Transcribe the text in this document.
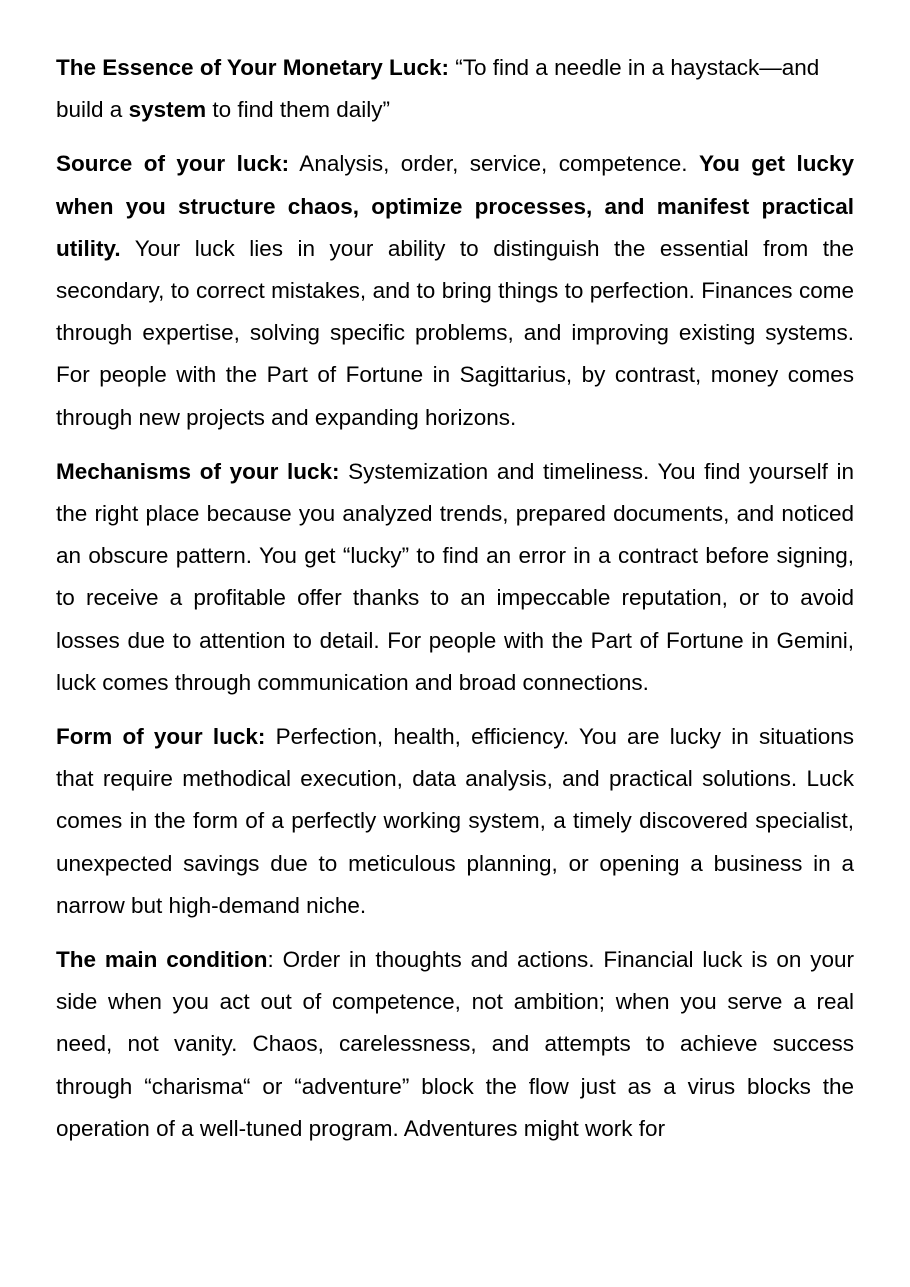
The Essence of Your Monetary Luck: “To find a needle in a haystack—and build a system to find them daily”

Source of your luck: Analysis, order, service, competence. You get lucky when you structure chaos, optimize processes, and manifest practical utility. Your luck lies in your ability to distinguish the essential from the secondary, to correct mistakes, and to bring things to perfection. Finances come through expertise, solving specific problems, and improving existing systems. For people with the Part of Fortune in Sagittarius, by contrast, money comes through new projects and expanding horizons.

Mechanisms of your luck: Systemization and timeliness. You find yourself in the right place because you analyzed trends, prepared documents, and noticed an obscure pattern. You get “lucky” to find an error in a contract before signing, to receive a profitable offer thanks to an impeccable reputation, or to avoid losses due to attention to detail. For people with the Part of Fortune in Gemini, luck comes through communication and broad connections.

Form of your luck: Perfection, health, efficiency. You are lucky in situations that require methodical execution, data analysis, and practical solutions. Luck comes in the form of a perfectly working system, a timely discovered specialist, unexpected savings due to meticulous planning, or opening a business in a narrow but high-demand niche.

The main condition: Order in thoughts and actions. Financial luck is on your side when you act out of competence, not ambition; when you serve a real need, not vanity. Chaos, carelessness, and attempts to achieve success through “charisma“ or “adventure” block the flow just as a virus blocks the operation of a well-tuned program. Adventures might work for
